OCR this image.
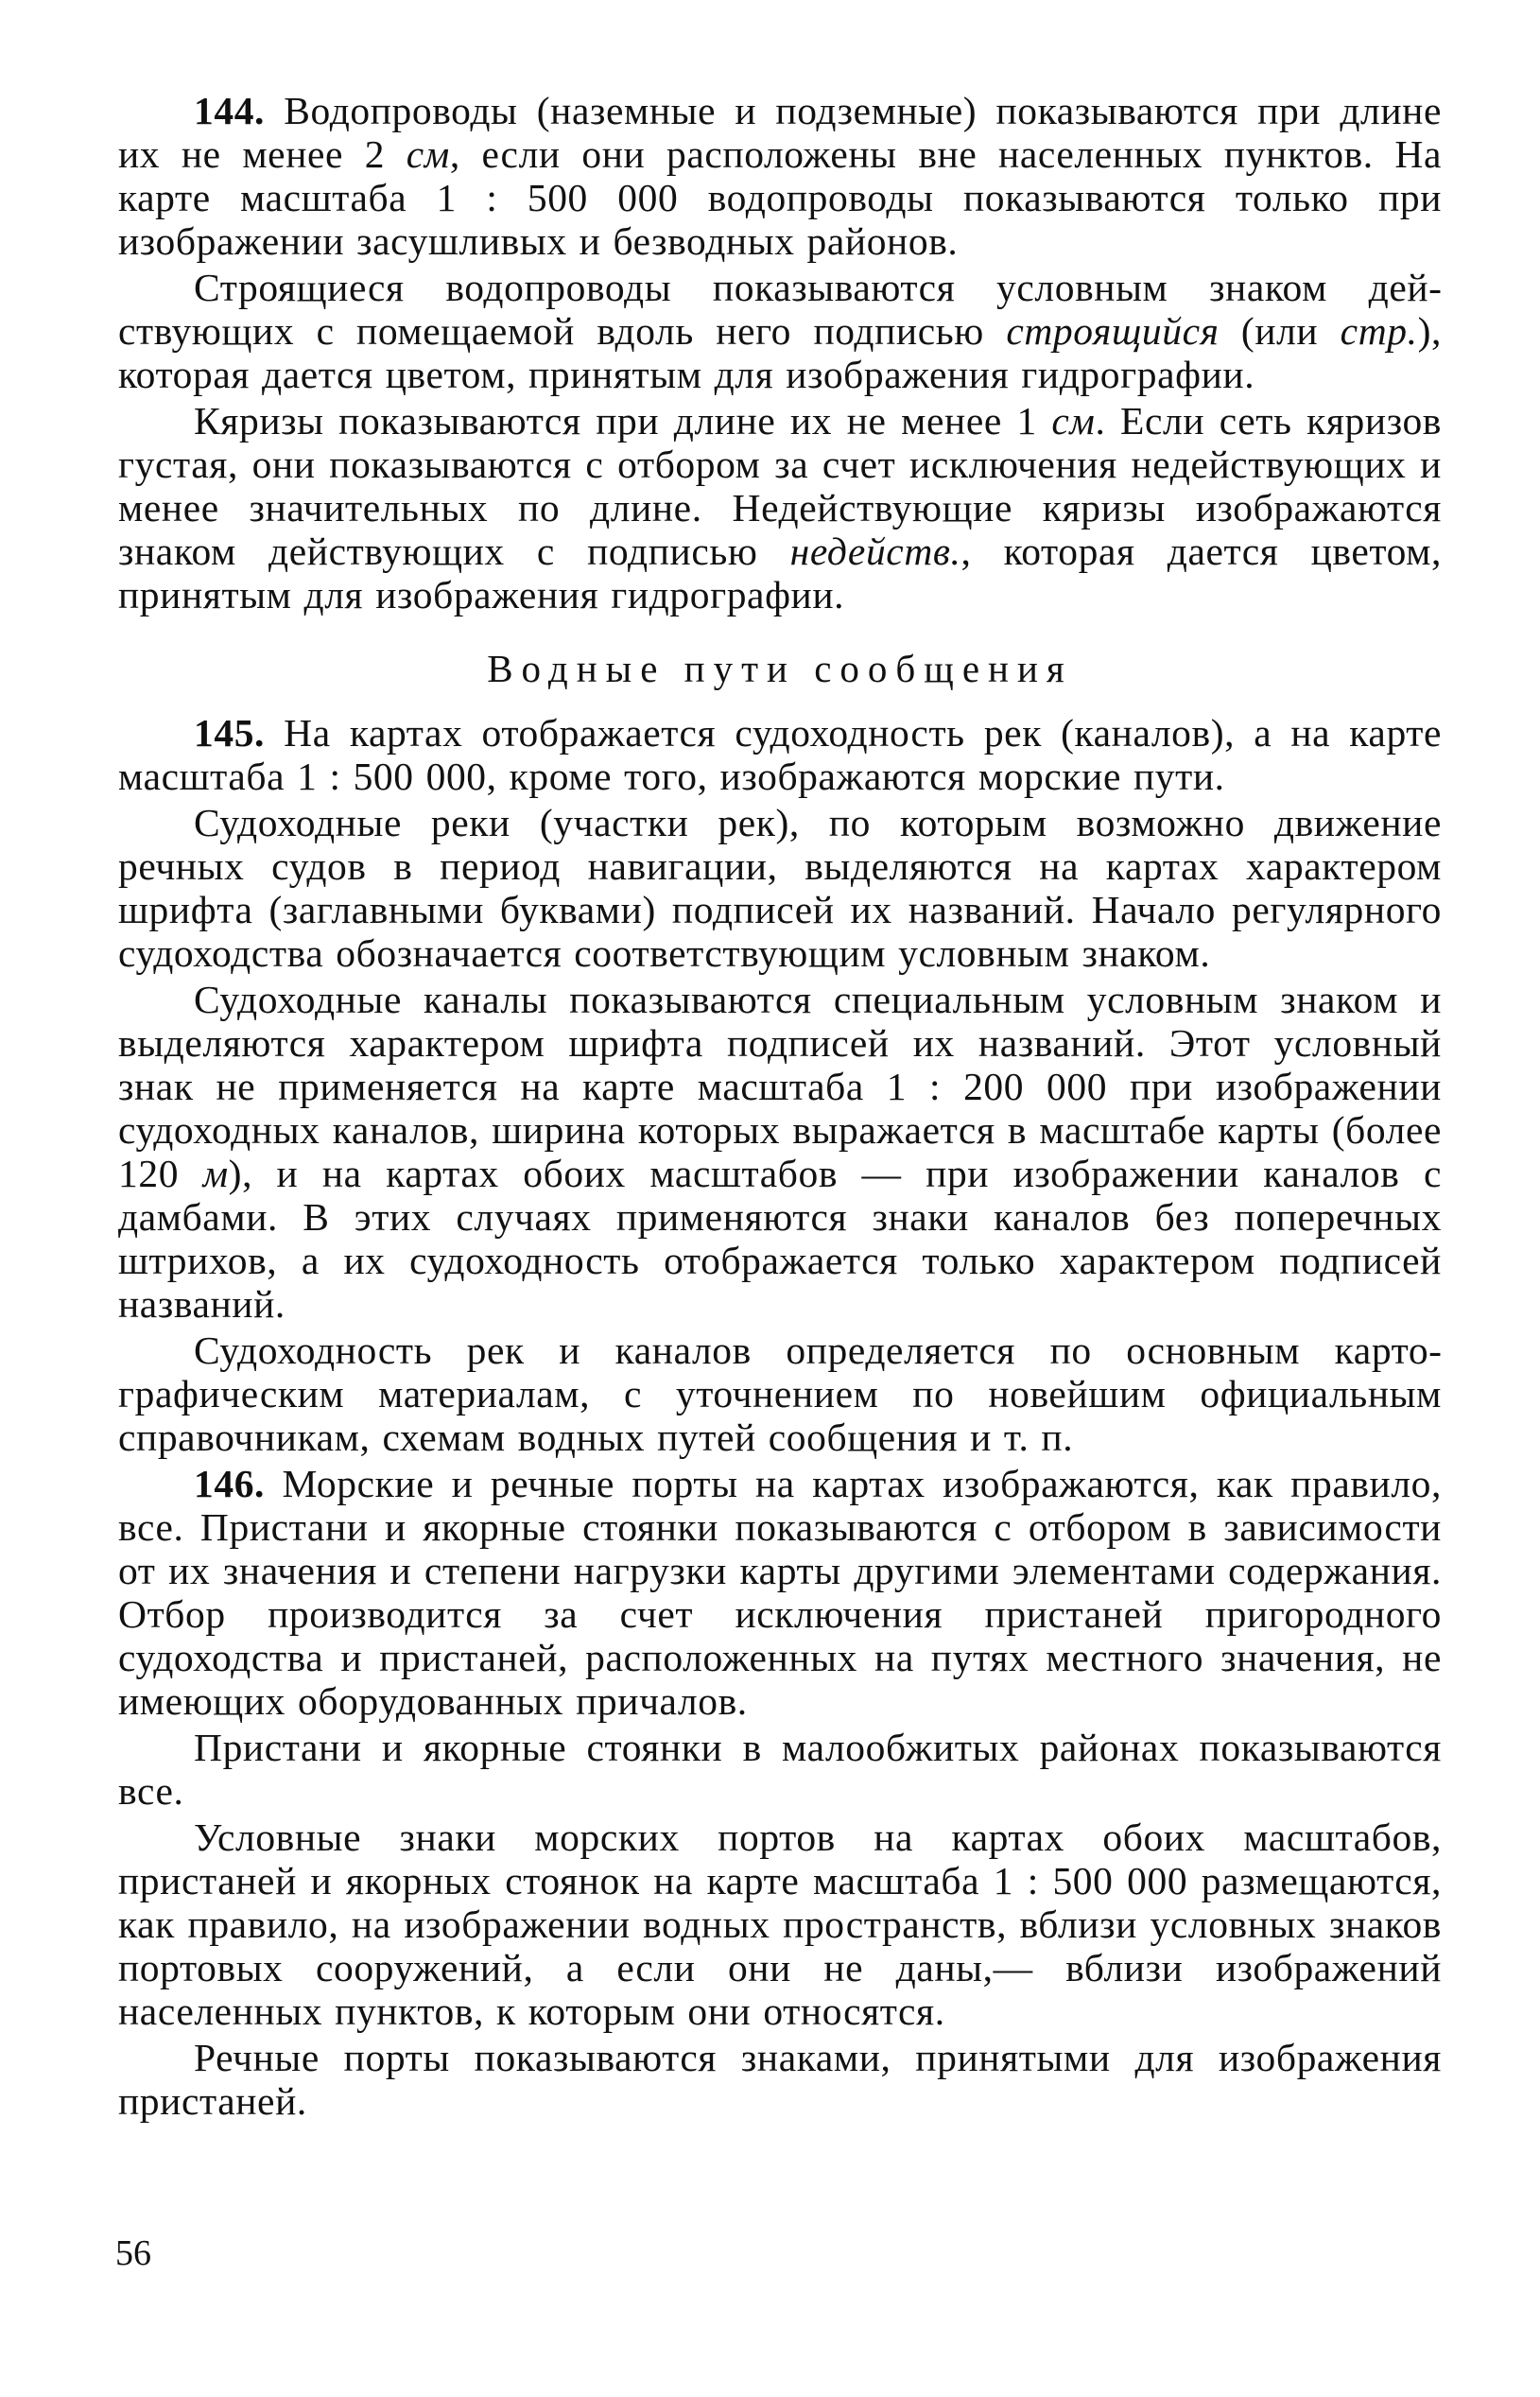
144. Водопроводы (наземные и подземные) показываются при длине их не менее 2 см, если они расположены вне населенных пунктов. На карте масштаба 1 : 500 000 водопроводы показываются только при изображении засушливых и безводных районов.

Строящиеся водопроводы показываются условным знаком действующих с помещаемой вдоль него подписью строящийся (или стр.), которая дается цветом, принятым для изображения гидрографии.

Кяризы показываются при длине их не менее 1 см. Если сеть кяризов густая, они показываются с отбором за счет исключения недействующих и менее значительных по длине. Недействующие кяризы изображаются знаком действующих с подписью недейств., которая дается цветом, принятым для изображения гидрографии.

Водные пути сообщения

145. На картах отображается судоходность рек (каналов), а на карте масштаба 1 : 500 000, кроме того, изображаются морские пути.

Судоходные реки (участки рек), по которым возможно движение речных судов в период навигации, выделяются на картах характером шрифта (заглавными буквами) подписей их названий. Начало регулярного судоходства обозначается соответствующим условным знаком.

Судоходные каналы показываются специальным условным знаком и выделяются характером шрифта подписей их названий. Этот условный знак не применяется на карте масштаба 1 : 200 000 при изображении судоходных каналов, ширина которых выражается в масштабе карты (более 120 м), и на картах обоих масштабов — при изображении каналов с дамбами. В этих случаях применяются знаки каналов без поперечных штрихов, а их судоходность отображается только характером подписей названий.

Судоходность рек и каналов определяется по основным картографическим материалам, с уточнением по новейшим официальным справочникам, схемам водных путей сообщения и т. п.

146. Морские и речные порты на картах изображаются, как правило, все. Пристани и якорные стоянки показываются с отбором в зависимости от их значения и степени нагрузки карты другими элементами содержания. Отбор производится за счет исключения пристаней пригородного судоходства и пристаней, расположенных на путях местного значения, не имеющих оборудованных причалов.

Пристани и якорные стоянки в малообжитых районах показываются все.

Условные знаки морских портов на картах обоих масштабов, пристаней и якорных стоянок на карте масштаба 1 : 500 000 размещаются, как правило, на изображении водных пространств, вблизи условных знаков портовых сооружений, а если они не даны,— вблизи изображений населенных пунктов, к которым они относятся.

Речные порты показываются знаками, принятыми для изображения пристаней.

56
